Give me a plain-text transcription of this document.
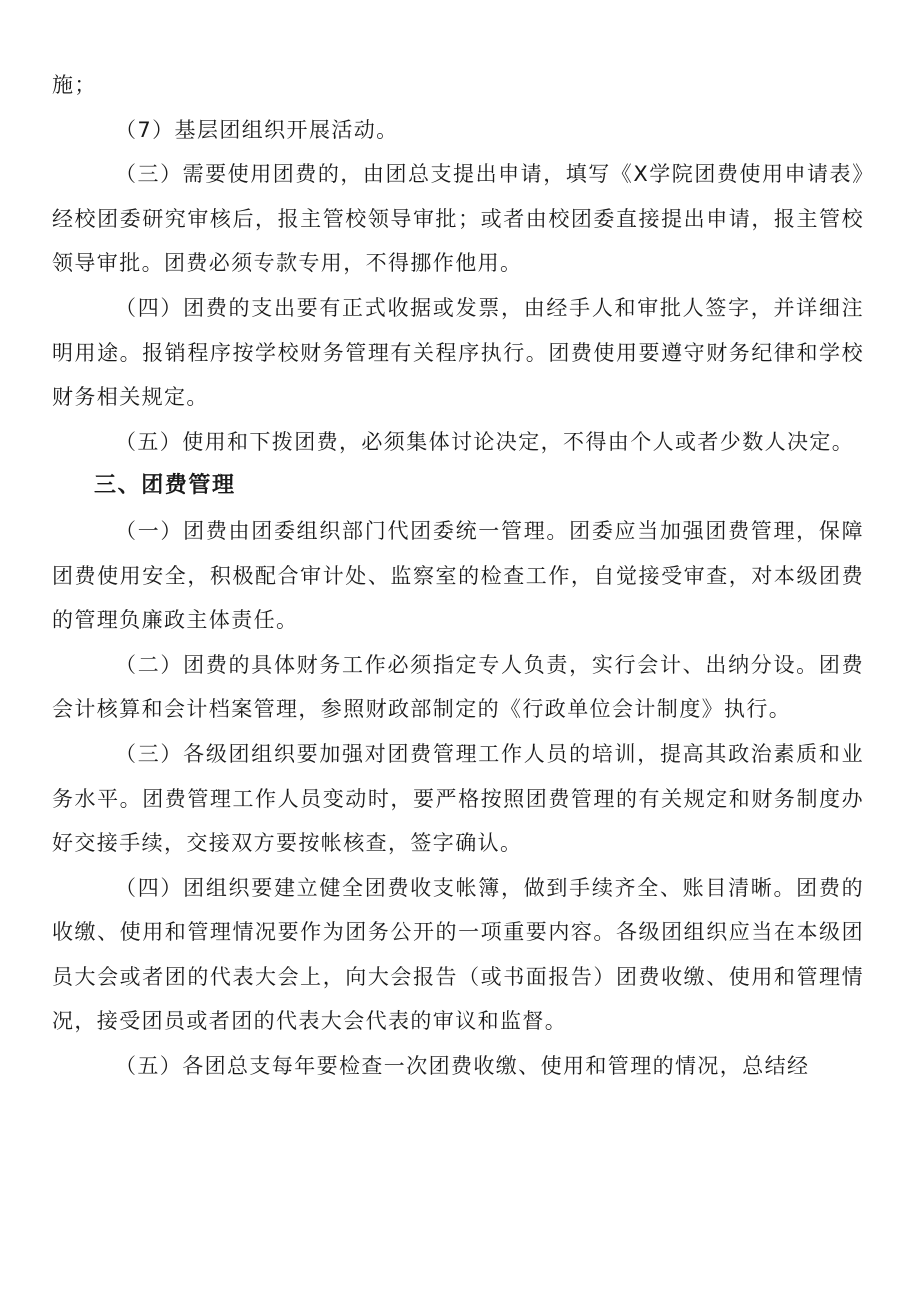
施；

（7）基层团组织开展活动。

（三）需要使用团费的，由团总支提出申请，填写《X学院团费使用申请表》经校团委研究审核后，报主管校领导审批；或者由校团委直接提出申请，报主管校领导审批。团费必须专款专用，不得挪作他用。

（四）团费的支出要有正式收据或发票，由经手人和审批人签字，并详细注明用途。报销程序按学校财务管理有关程序执行。团费使用要遵守财务纪律和学校财务相关规定。

（五）使用和下拨团费，必须集体讨论决定，不得由个人或者少数人决定。

三、团费管理

（一）团费由团委组织部门代团委统一管理。团委应当加强团费管理，保障团费使用安全，积极配合审计处、监察室的检查工作，自觉接受审查，对本级团费的管理负廉政主体责任。

（二）团费的具体财务工作必须指定专人负责，实行会计、出纳分设。团费会计核算和会计档案管理，参照财政部制定的《行政单位会计制度》执行。

（三）各级团组织要加强对团费管理工作人员的培训，提高其政治素质和业务水平。团费管理工作人员变动时，要严格按照团费管理的有关规定和财务制度办好交接手续，交接双方要按帐核查，签字确认。

（四）团组织要建立健全团费收支帐簿，做到手续齐全、账目清晰。团费的收缴、使用和管理情况要作为团务公开的一项重要内容。各级团组织应当在本级团员大会或者团的代表大会上，向大会报告（或书面报告）团费收缴、使用和管理情况，接受团员或者团的代表大会代表的审议和监督。

（五）各团总支每年要检查一次团费收缴、使用和管理的情况，总结经
